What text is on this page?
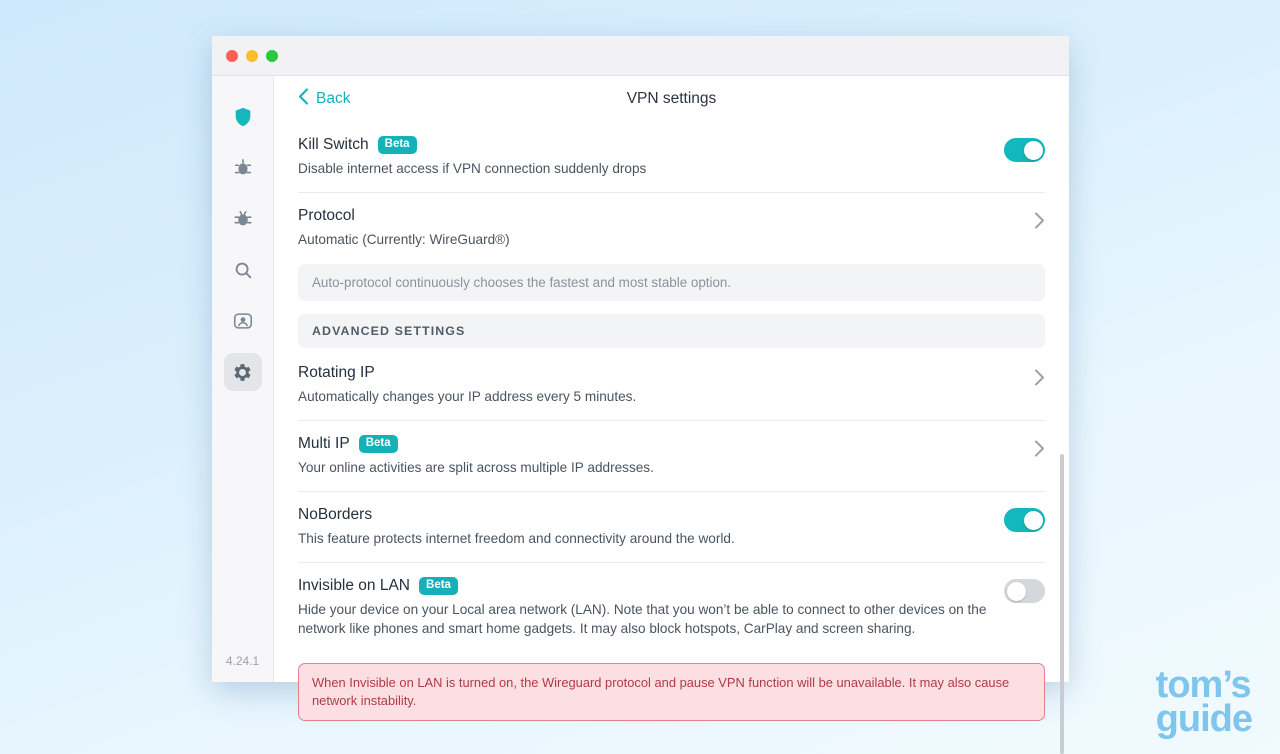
4.24.1
Back	VPN settings
Kill Switch	Beta
Disable internet access if VPN connection suddenly drops
Protocol
Automatic (Currently: WireGuard®)
Auto-protocol continuously chooses the fastest and most stable option.
ADVANCED SETTINGS
Rotating IP
Automatically changes your IP address every 5 minutes.
Multi IP	Beta
Your online activities are split across multiple IP addresses.
NoBorders
This feature protects internet freedom and connectivity around the world.
Invisible on LAN	Beta
Hide your device on your Local area network (LAN). Note that you won’t be able to connect to other devices on the network like phones and smart home gadgets. It may also block hotspots, CarPlay and screen sharing.
When Invisible on LAN is turned on, the Wireguard protocol and pause VPN function will be unavailable. It may also cause network instability.	tom’s
guide
